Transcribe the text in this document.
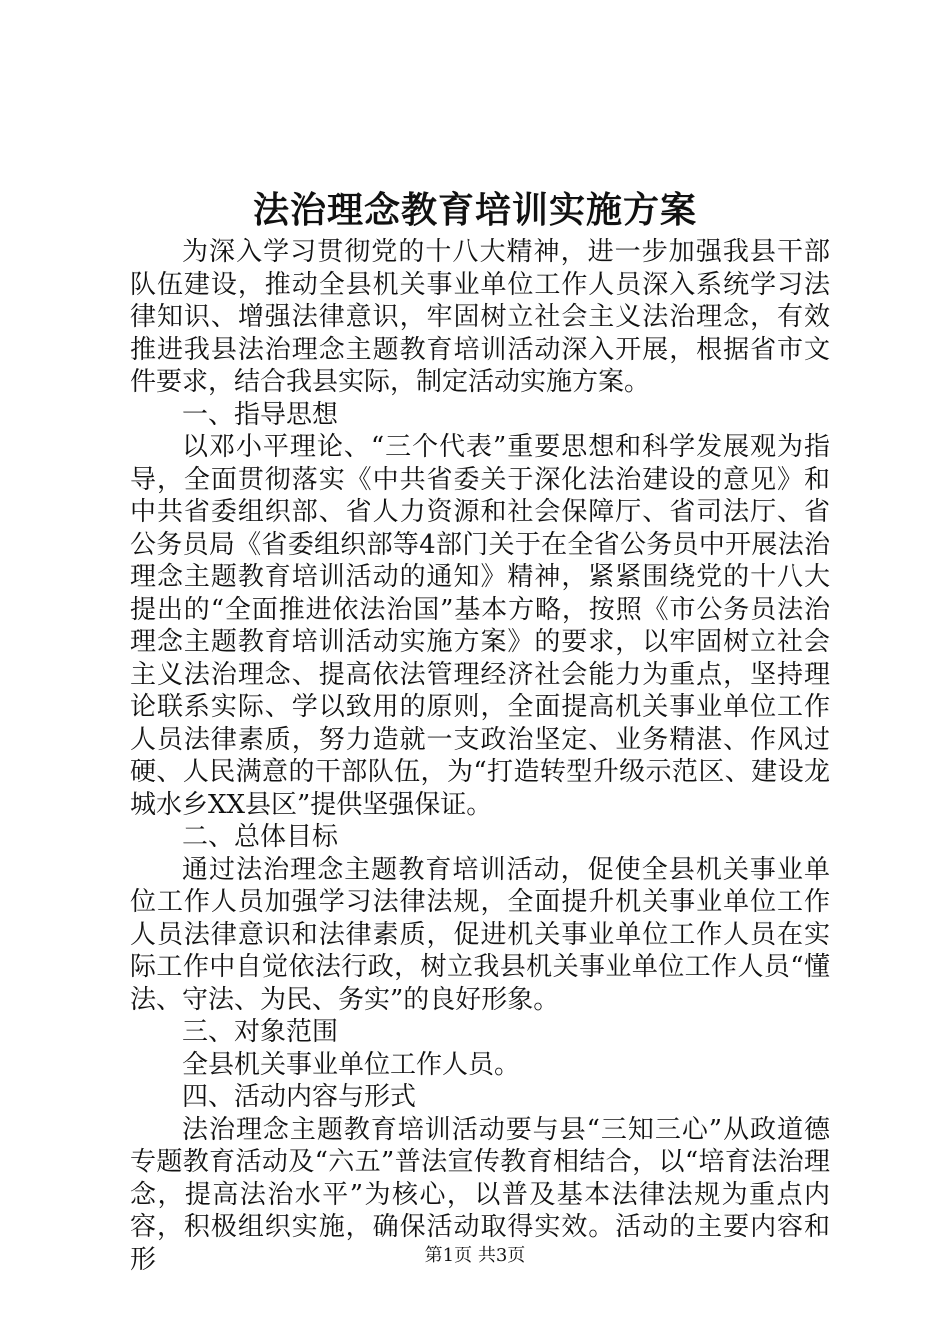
法治理念教育培训实施方案

为深入学习贯彻党的十八大精神，进一步加强我县干部队伍建设，推动全县机关事业单位工作人员深入系统学习法律知识、增强法律意识，牢固树立社会主义法治理念，有效推进我县法治理念主题教育培训活动深入开展，根据省市文件要求，结合我县实际，制定活动实施方案。

一、指导思想

以邓小平理论、“三个代表”重要思想和科学发展观为指导，全面贯彻落实《中共省委关于深化法治建设的意见》和中共省委组织部、省人力资源和社会保障厅、省司法厅、省公务员局《省委组织部等4部门关于在全省公务员中开展法治理念主题教育培训活动的通知》精神，紧紧围绕党的十八大提出的“全面推进依法治国”基本方略，按照《市公务员法治理念主题教育培训活动实施方案》的要求，以牢固树立社会主义法治理念、提高依法管理经济社会能力为重点，坚持理论联系实际、学以致用的原则，全面提高机关事业单位工作人员法律素质，努力造就一支政治坚定、业务精湛、作风过硬、人民满意的干部队伍，为“打造转型升级示范区、建设龙城水乡XX县区”提供坚强保证。

二、总体目标

通过法治理念主题教育培训活动，促使全县机关事业单位工作人员加强学习法律法规，全面提升机关事业单位工作人员法律意识和法律素质，促进机关事业单位工作人员在实际工作中自觉依法行政，树立我县机关事业单位工作人员“懂法、守法、为民、务实”的良好形象。

三、对象范围

全县机关事业单位工作人员。

四、活动内容与形式

法治理念主题教育培训活动要与县“三知三心”从政道德专题教育活动及“六五”普法宣传教育相结合，以“培育法治理念，提高法治水平”为核心，以普及基本法律法规为重点内容，积极组织实施，确保活动取得实效。活动的主要内容和形	第1页 共3页
